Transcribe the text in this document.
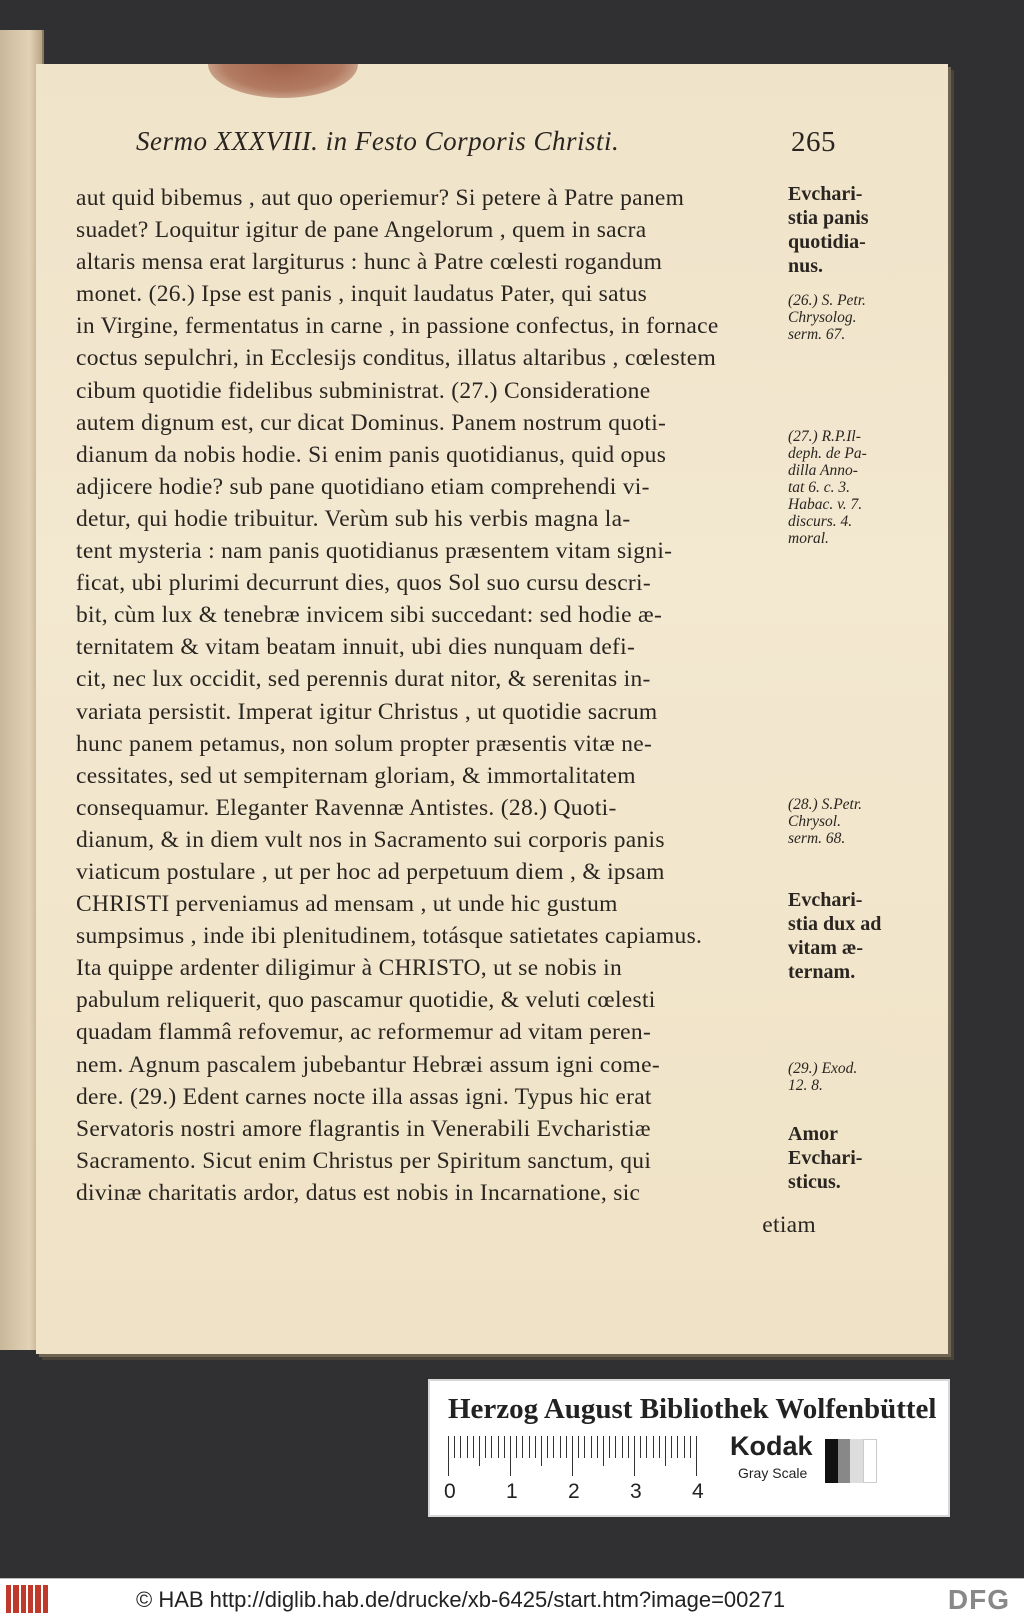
Sermo XXXVIII. in Festo Corporis Christi.	265
aut quid bibemus , aut quo operiemur? Si petere à Patre panem
suadet? Loquitur igitur de pane Angelorum , quem in sacra
altaris mensa erat largiturus : hunc à Patre cœlesti rogandum
monet. (26.) Ipse est panis , inquit laudatus Pater, qui satus
in Virgine, fermentatus in carne , in passione confectus, in fornace
coctus sepulchri, in Ecclesijs conditus, illatus altaribus , cœlestem
cibum quotidie fidelibus subministrat. (27.) Consideratione
autem dignum est, cur dicat Dominus. Panem nostrum quoti-
dianum da nobis hodie. Si enim panis quotidianus, quid opus
adjicere hodie? sub pane quotidiano etiam comprehendi vi-
detur, qui hodie tribuitur. Verùm sub his verbis magna la-
tent mysteria : nam panis quotidianus præsentem vitam signi-
ficat, ubi plurimi decurrunt dies, quos Sol suo cursu descri-
bit, cùm lux & tenebræ invicem sibi succedant: sed hodie æ-
ternitatem & vitam beatam innuit, ubi dies nunquam defi-
cit, nec lux occidit, sed perennis durat nitor, & serenitas in-
variata persistit. Imperat igitur Christus , ut quotidie sacrum
hunc panem petamus, non solum propter præsentis vitæ ne-
cessitates, sed ut sempiternam gloriam, & immortalitatem
consequamur. Eleganter Ravennæ Antistes. (28.) Quoti-
dianum, & in diem vult nos in Sacramento sui corporis panis
viaticum postulare , ut per hoc ad perpetuum diem , & ipsam
CHRISTI perveniamus ad mensam , ut unde hic gustum
sumpsimus , inde ibi plenitudinem, totásque satietates capiamus.
Ita quippe ardenter diligimur à CHRISTO, ut se nobis in
pabulum reliquerit, quo pascamur quotidie, & veluti cœlesti
quadam flammâ refovemur, ac reformemur ad vitam peren-
nem. Agnum pascalem jubebantur Hebræi assum igni come-
dere. (29.) Edent carnes nocte illa assas igni. Typus hic erat
Servatoris nostri amore flagrantis in Venerabili Evcharistiæ
Sacramento. Sicut enim Christus per Spiritum sanctum, qui
divinæ charitatis ardor, datus est nobis in Incarnatione, sic
etiam
Evchari-
stia panis
quotidia-
nus.
(26.) S. Petr.
Chrysolog.
serm. 67.
(27.) R.P.Il-
deph. de Pa-
dilla Anno-
tat 6. c. 3.
Habac. v. 7.
discurs. 4.
moral.
(28.) S.Petr.
Chrysol.
serm. 68.
Evchari-
stia dux ad
vitam æ-
ternam.
(29.) Exod.
12. 8.
Amor
Evchari-
sticus.
Herzog August Bibliothek Wolfenbüttel
0 1 2 3 4
Kodak
Gray Scale
© HAB http://diglib.hab.de/drucke/xb-6425/start.htm?image=00271	DFG
